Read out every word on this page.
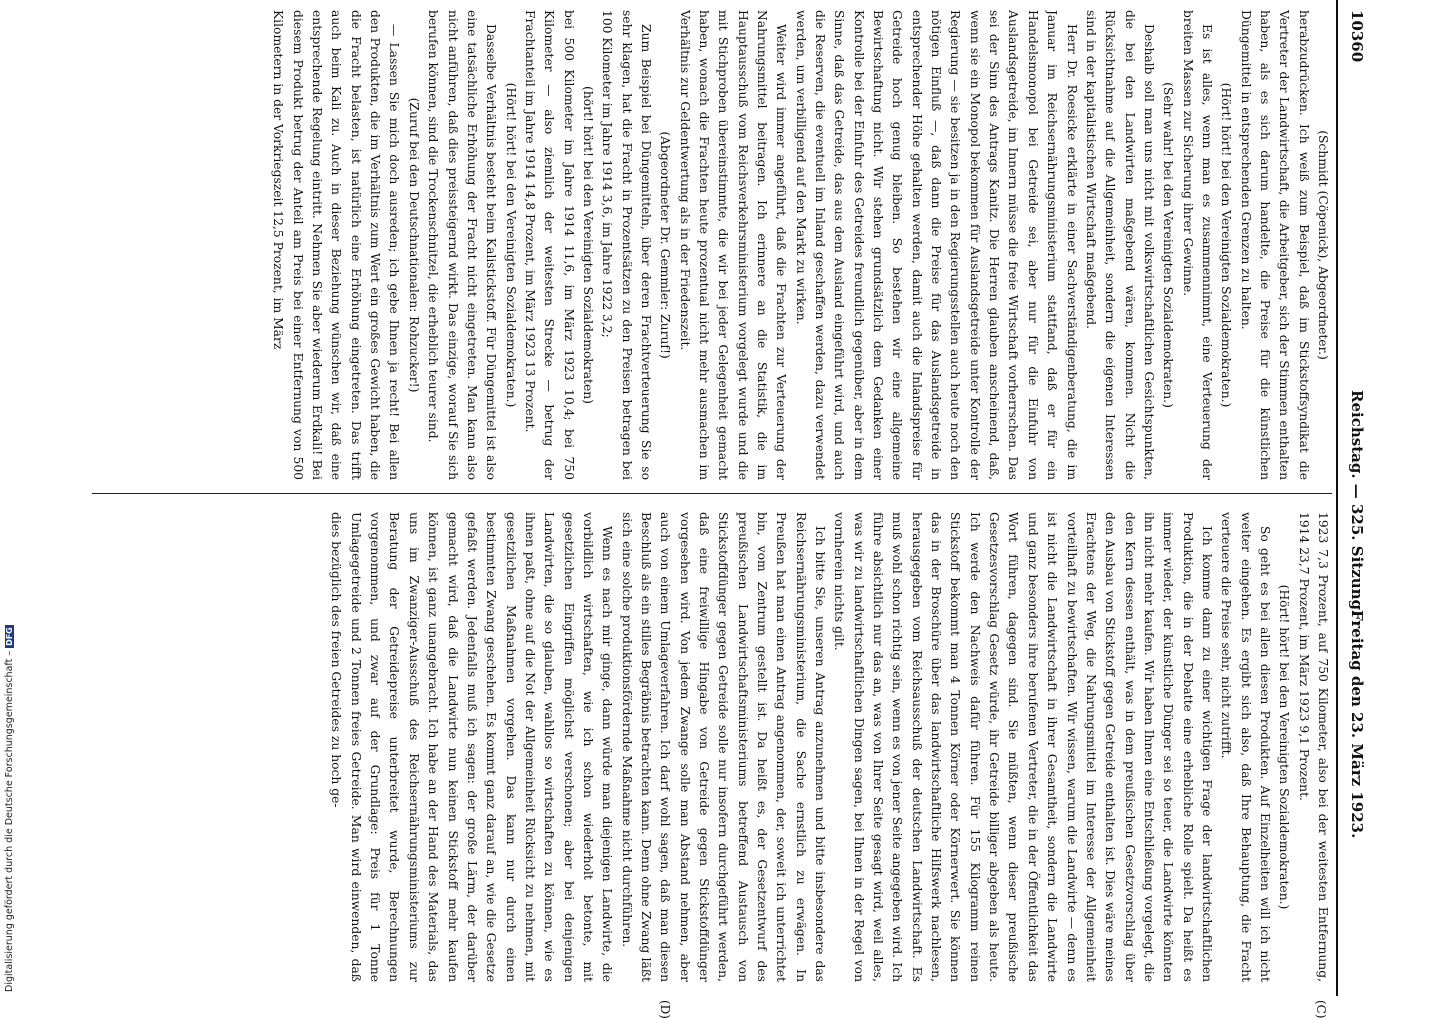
10360
Reichstag. — 325. Sitzung.
Freitag den 23. März 1923.
(C)
(D)

(Schmidt (Cöpenick), Abgeordneter.)

herabzudrücken. Ich weiß zum Beispiel, daß im Stickstoffsyndikat die Vertreter der Landwirtschaft, die Arbeitgeber, sich der Stimmen enthalten haben, als es sich darum handelte, die Preise für die künstlichen Düngemittel in entsprechenden Grenzen zu halten.

(Hört! hört! bei den Vereinigten Sozialdemokraten.)

Es ist alles, wenn man es zusammennimmt, eine Verteuerung der breiten Massen zur Sicherung ihrer Gewinne.

(Sehr wahr! bei den Vereinigten Sozialdemokraten.)

Deshalb soll man uns nicht mit volkswirtschaftlichen Gesichtspunkten, die bei den Landwirten maßgebend wären, kommen. Nicht die Rücksichtnahme auf die Allgemeinheit, sondern die eigenen Interessen sind in der kapitalistischen Wirtschaft maßgebend.

Herr Dr. Roesicke erklärte in einer Sachverständigenberatung, die im Januar im Reichsernährungsministerium stattfand, daß er für ein Handelsmonopol bei Getreide sei, aber nur für die Einfuhr von Auslandsgetreide, im Innern müsse die freie Wirtschaft vorherrschen. Das sei der Sinn des Antrags Kanitz. Die Herren glauben anscheinend, daß, wenn sie ein Monopol bekommen für Auslandsgetreide unter Kontrolle der Regierung — sie besitzen ja in den Regierungsstellen auch heute noch den nötigen Einfluß —, daß dann die Preise für das Auslandsgetreide in entsprechender Höhe gehalten werden, damit auch die Inlandspreise für Getreide hoch genug bleiben. So bestehen wir eine allgemeine Bewirtschaftung nicht. Wir stehen grundsätzlich dem Gedanken einer Kontrolle bei der Einfuhr des Getreides freundlich gegenüber, aber in dem Sinne, daß das Getreide, das aus dem Ausland eingeführt wird, und auch die Reserven, die eventuell im Inland geschaffen werden, dazu verwendet werden, um verbilligend auf den Markt zu wirken.

Weiter wird immer angeführt, daß die Frachten zur Verteuerung der Nahrungsmittel beitragen. Ich erinnere an die Statistik, die im Hauptausschuß vom Reichsverkehrsministerium vorgelegt wurde und die mit Stichproben übereinstimmte, die wir bei jeder Gelegenheit gemacht haben, wonach die Frachten heute prozentual nicht mehr ausmachen im Verhältnis zur Geldentwertung als in der Friedenszeit.

(Abgeordneter Dr. Gemmler: Zuruf!)

Zum Beispiel bei Düngemitteln, über deren Frachtverteuerung Sie so sehr klagen, hat die Fracht in Prozentsätzen zu den Preisen betragen bei 100 Kilometer im Jahre 1914 3,6, im Jahre 1922 3,2;

(hört! hört! bei den Vereinigten Sozialdemokraten)

bei 500 Kilometer im Jahre 1914 11,6, im März 1923 10,4; bei 750 Kilometer — also ziemlich der weitesten Strecke — betrug der Frachtanteil im Jahre 1914 14,8 Prozent, im März 1923 13 Prozent.

(Hört! hört! bei den Vereinigten Sozialdemokraten.)

Dasselbe Verhältnis besteht beim Kalistickstoff. Für Düngemittel ist also eine tatsächliche Erhöhung der Fracht nicht eingetreten. Man kann also nicht anführen, daß dies preissteigernd wirkt. Das einzige, worauf Sie sich berufen können, sind die Trockenschnitzel, die erheblich teurer sind.

(Zuruf bei den Deutschnationalen: Rohzucker!)

— Lassen Sie mich doch ausreden; ich gebe Ihnen ja recht! Bei allen den Produkten, die im Verhältnis zum Wert ein großes Gewicht haben, die die Fracht belasten, ist natürlich eine Erhöhung eingetreten. Das trifft auch beim Kali zu. Auch in dieser Beziehung wünschen wir, daß eine entsprechende Regelung eintritt. Nehmen Sie aber wiederum Erdkali! Bei diesem Produkt betrug der Anteil am Preis bei einer Entfernung von 500 Kilometern in der Vorkriegszeit 12,5 Prozent, im März

1923 7,3 Prozent, auf 750 Kilometer, also bei der weitesten Entfernung, 1914 23,7 Prozent, im März 1923 9,1 Prozent.

(Hört! hört! bei den Vereinigten Sozialdemokraten.)

So geht es bei allen diesen Produkten. Auf Einzelheiten will ich nicht weiter eingehen. Es ergibt sich also, daß Ihre Behauptung, die Fracht verteuere die Preise sehr, nicht zutrifft.

Ich komme dann zu einer wichtigen Frage der landwirtschaftlichen Produktion, die in der Debatte eine erhebliche Rolle spielt. Da heißt es immer wieder, der künstliche Dünger sei so teuer, die Landwirte könnten ihn nicht mehr kaufen. Wir haben Ihnen eine Entschließung vorgelegt, die den Kern dessen enthält, was in dem preußischen Gesetzvorschlag über den Ausbau von Stickstoff gegen Getreide enthalten ist. Dies wäre meines Erachtens der Weg, die Nahrungsmittel im Interesse der Allgemeinheit vorteilhaft zu bewirtschaften. Wir wissen, warum die Landwirte — denn es ist nicht die Landwirtschaft in ihrer Gesamtheit, sondern die Landwirte und ganz besonders ihre berufenen Vertreter, die in der Öffentlichkeit das Wort führen, dagegen sind. Sie müßten, wenn dieser preußische Gesetzesvorschlag Gesetz würde, ihr Getreide billiger abgeben als heute. Ich werde den Nachweis dafür führen. Für 155 Kilogramm reinen Stickstoff bekommt man 4 Tonnen Körner oder Körnerwert. Sie können das in der Broschüre über das landwirtschaftliche Hilfswerk nachlesen, herausgegeben vom Reichsausschuß der deutschen Landwirtschaft. Es muß wohl schon richtig sein, wenn es von jener Seite angegeben wird. Ich führe absichtlich nur das an, was von Ihrer Seite gesagt wird, weil alles, was wir zu landwirtschaftlichen Dingen sagen, bei Ihnen in der Regel von vornherein nichts gilt.

Ich bitte Sie, unseren Antrag anzunehmen und bitte insbesondere das Reichsernährungsministerium, die Sache ernstlich zu erwägen. In Preußen hat man einen Antrag angenommen, der, soweit ich unterrichtet bin, vom Zentrum gestellt ist. Da heißt es, der Gesetzentwurf des preußischen Landwirtschaftsministeriums betreffend Austausch von Stickstoffdünger gegen Getreide solle nur insofern durchgeführt werden, daß eine freiwillige Hingabe von Getreide gegen Stickstoffdünger vorgesehen wird. Von jedem Zwange solle man Abstand nehmen, aber auch von einem Umlageverfahren. Ich darf wohl sagen, daß man diesen Beschluß als ein stilles Begräbnis betrachten kann. Denn ohne Zwang läßt sich eine solche produktionsfördernde Maßnahme nicht durchführen.

Wenn es nach mir ginge, dann würde man diejenigen Landwirte, die vorbildlich wirtschaften, wie ich schon wiederholt betonte, mit gesetzlichen Eingriffen möglichst verschonen; aber bei denjenigen Landwirten, die so glauben, wahllos so wirtschaften zu können, wie es ihnen paßt, ohne auf die Not der Allgemeinheit Rücksicht zu nehmen, mit gesetzlichen Maßnahmen vorgehen. Das kann nur durch einen bestimmten Zwang geschehen. Es kommt ganz darauf an, wie die Gesetze gefaßt werden. Jedenfalls muß ich sagen: der große Lärm, der darüber gemacht wird, daß die Landwirte nun keinen Stickstoff mehr kaufen können, ist ganz unangebracht. Ich habe an der Hand des Materials, das uns im Zwanziger-Ausschuß des Reichsernährungsministeriums zur Beratung der Getreidepreise unterbreitet wurde, Berechnungen vorgenommen, und zwar auf der Grundlage: Preis für 1 Tonne Umlagegetreide und 2 Tonnen freies Getreide. Man wird einwenden, daß dies bezüglich des freien Getreides zu hoch ge-

Digitalisierung gefördert durch die Deutsche Forschungsgemeinschaft –DFG
